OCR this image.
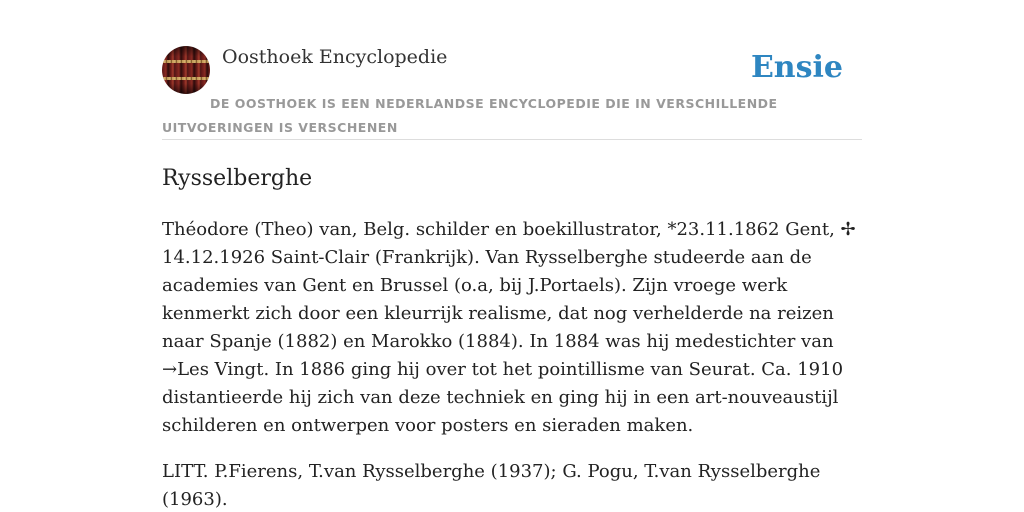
Oosthoek Encyclopedie	Ensie
DE OOSTHOEK IS EEN NEDERLANDSE ENCYCLOPEDIE DIE IN VERSCHILLENDE UITVOERINGEN IS VERSCHENEN
Rysselberghe

Théodore (Theo) van, Belg. schilder en boekillustrator, *23.11.1862 Gent, ✢ 14.12.1926 Saint-Clair (Frankrijk). Van Rysselberghe studeerde aan de academies van Gent en Brussel (o.a, bij J.Portaels). Zijn vroege werk kenmerkt zich door een kleurrijk realisme, dat nog verhelderde na reizen naar Spanje (1882) en Marokko (1884). In 1884 was hij medestichter van →Les Vingt. In 1886 ging hij over tot het pointillisme van Seurat. Ca. 1910 distantieerde hij zich van deze techniek en ging hij in een art-nouveaustijl schilderen en ontwerpen voor posters en sieraden maken.

LITT. P.Fierens, T.van Rysselberghe (1937); G. Pogu, T.van Rysselberghe (1963).
